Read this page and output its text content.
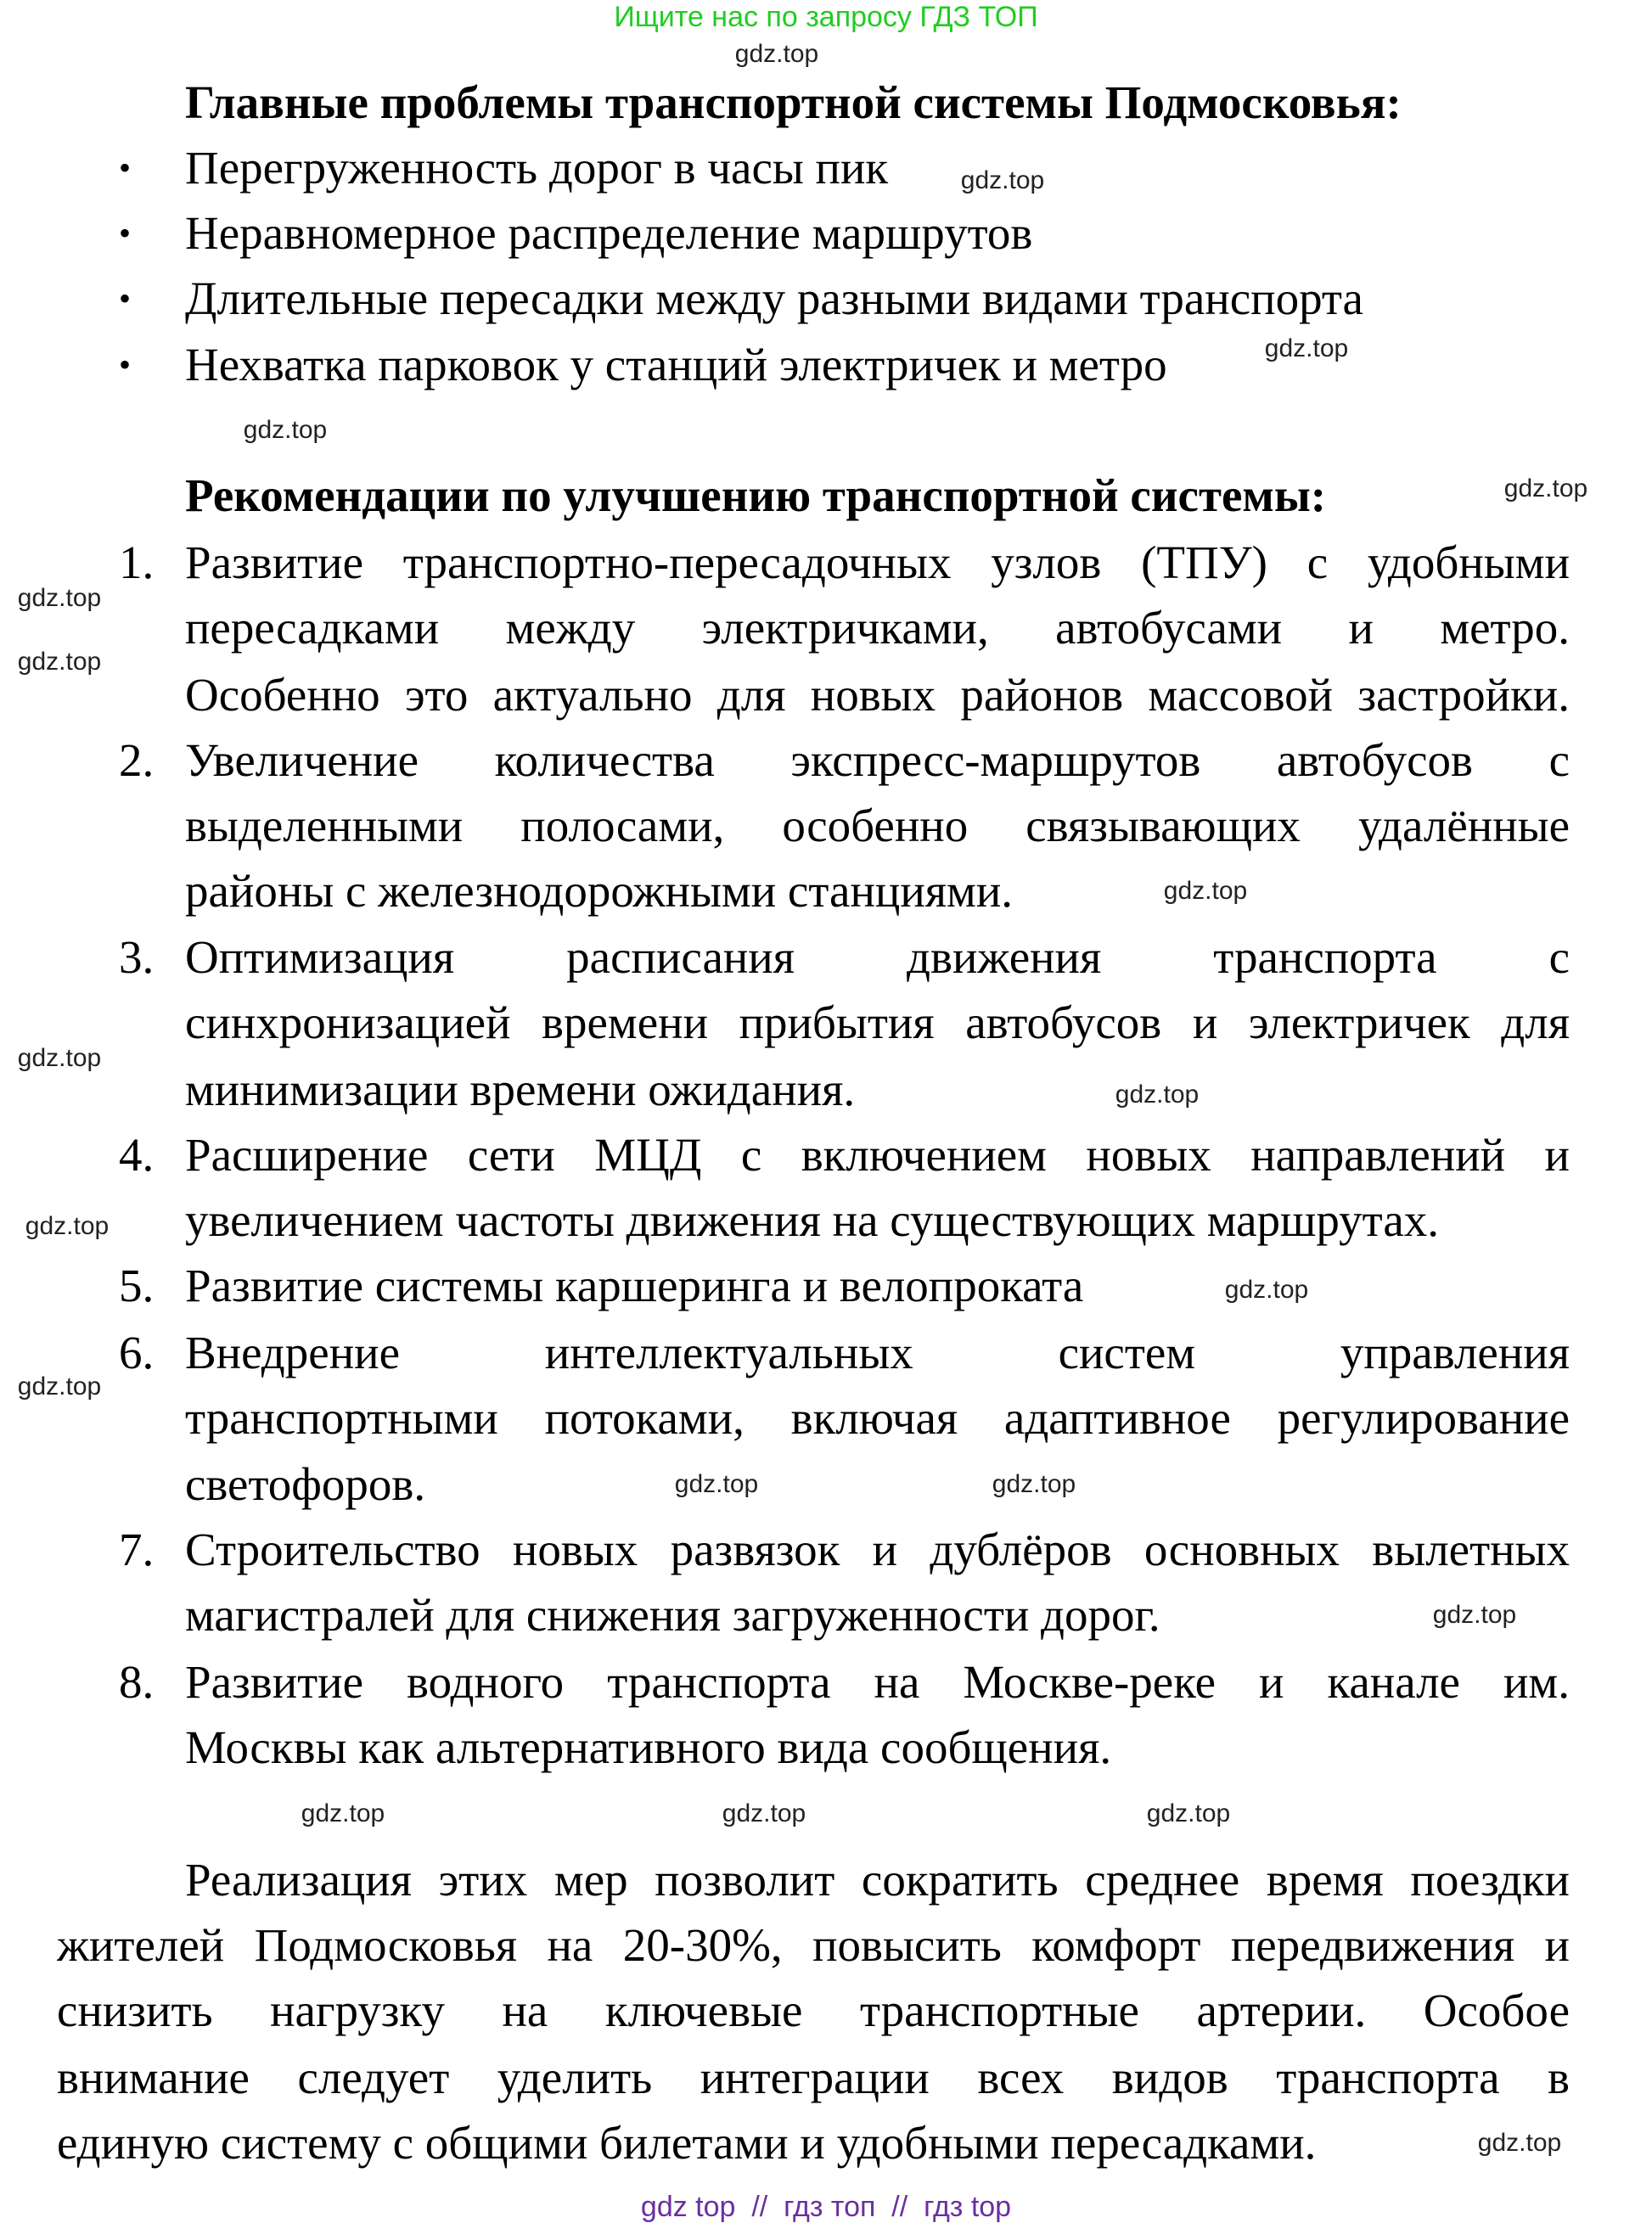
Ищите нас по запросу ГДЗ ТОП
Главные проблемы транспортной системы Подмосковья:
• Перегруженность дорог в часы пик
• Неравномерное распределение маршрутов
• Длительные пересадки между разными видами транспорта
• Нехватка парковок у станций электричек и метро
Рекомендации по улучшению транспортной системы:
1. Развитие транспортно-пересадочных узлов (ТПУ) с удобными
пересадками между электричками, автобусами и метро.
Особенно это актуально для новых районов массовой застройки.
2. Увеличение количества экспресс-маршрутов автобусов с
выделенными полосами, особенно связывающих удалённые
районы с железнодорожными станциями.
3. Оптимизация расписания движения транспорта с
синхронизацией времени прибытия автобусов и электричек для
минимизации времени ожидания.
4. Расширение сети МЦД с включением новых направлений и
увеличением частоты движения на существующих маршрутах.
5. Развитие системы каршеринга и велопроката
6. Внедрение интеллектуальных систем управления
транспортными потоками, включая адаптивное регулирование
светофоров.
7. Строительство новых развязок и дублёров основных вылетных
магистралей для снижения загруженности дорог.
8. Развитие водного транспорта на Москве-реке и канале им.
Москвы как альтернативного вида сообщения.
Реализация этих мер позволит сократить среднее время поездки
жителей Подмосковья на 20-30%, повысить комфорт передвижения и
снизить нагрузку на ключевые транспортные артерии. Особое
внимание следует уделить интеграции всех видов транспорта в
единую систему с общими билетами и удобными пересадками.
gdz.top
gdz.top
gdz.top
gdz.top
gdz.top
gdz.top
gdz.top
gdz.top
gdz.top
gdz.top
gdz.top
gdz.top
gdz.top
gdz.top
gdz.top
gdz.top
gdz.top	gdz.top	gdz.top
gdz.top
gdz top  //  гдз топ  //  гдз top
